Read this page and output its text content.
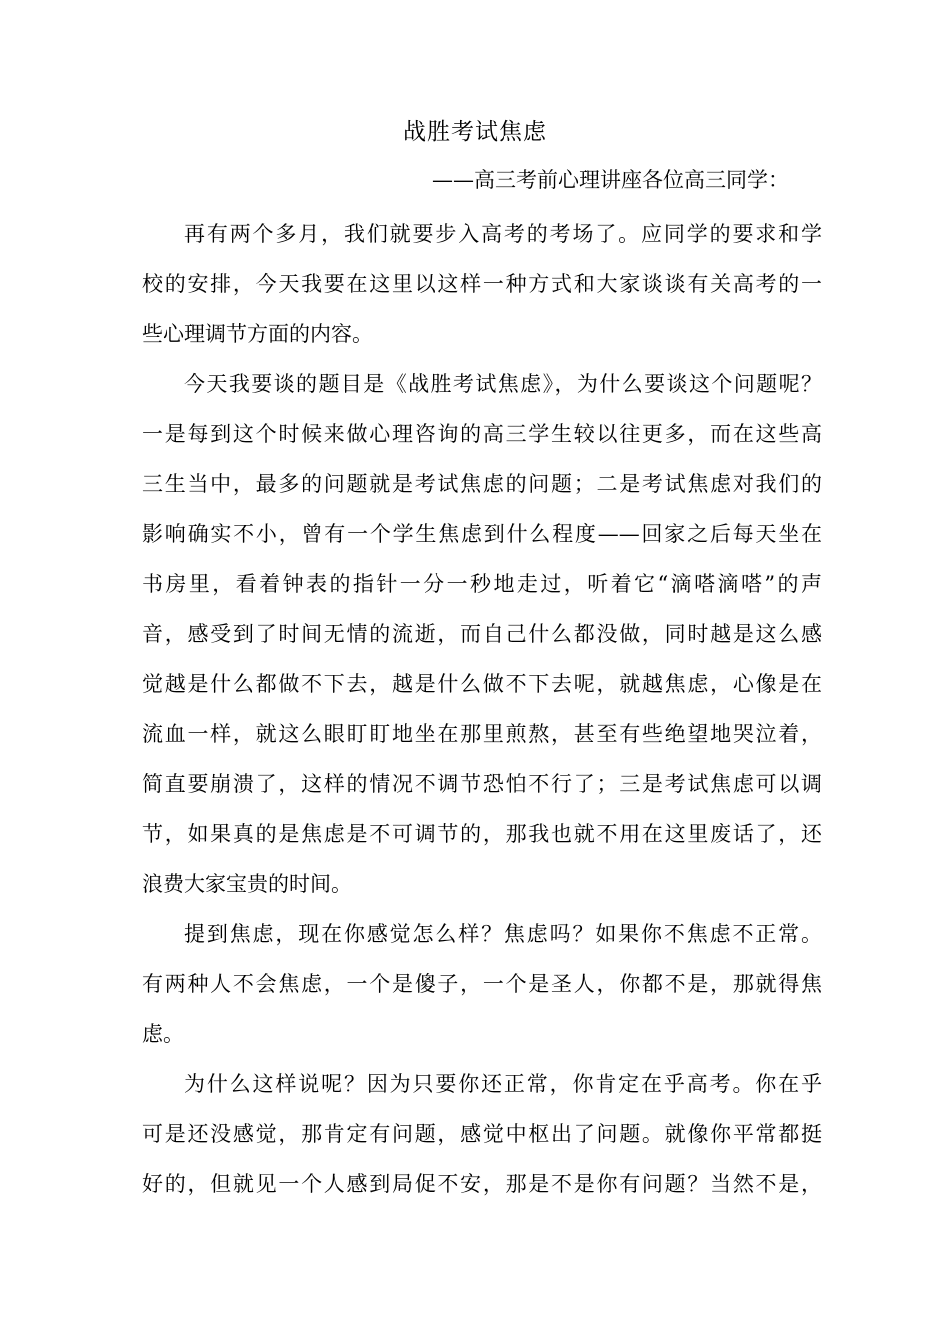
战胜考试焦虑
——高三考前心理讲座各位高三同学：
再有两个多月，我们就要步入高考的考场了。应同学的要求和学
校的安排，今天我要在这里以这样一种方式和大家谈谈有关高考的一
些心理调节方面的内容。
今天我要谈的题目是《战胜考试焦虑》，为什么要谈这个问题呢？
一是每到这个时候来做心理咨询的高三学生较以往更多，而在这些高
三生当中，最多的问题就是考试焦虑的问题；二是考试焦虑对我们的
影响确实不小，曾有一个学生焦虑到什么程度——回家之后每天坐在
书房里，看着钟表的指针一分一秒地走过，听着它“滴嗒滴嗒”的声
音，感受到了时间无情的流逝，而自己什么都没做，同时越是这么感
觉越是什么都做不下去，越是什么做不下去呢，就越焦虑，心像是在
流血一样，就这么眼盯盯地坐在那里煎熬，甚至有些绝望地哭泣着，
简直要崩溃了，这样的情况不调节恐怕不行了；三是考试焦虑可以调
节，如果真的是焦虑是不可调节的，那我也就不用在这里废话了，还
浪费大家宝贵的时间。
提到焦虑，现在你感觉怎么样？焦虑吗？如果你不焦虑不正常。
有两种人不会焦虑，一个是傻子，一个是圣人，你都不是，那就得焦
虑。
为什么这样说呢？因为只要你还正常，你肯定在乎高考。你在乎
可是还没感觉，那肯定有问题，感觉中枢出了问题。就像你平常都挺
好的，但就见一个人感到局促不安，那是不是你有问题？当然不是，
